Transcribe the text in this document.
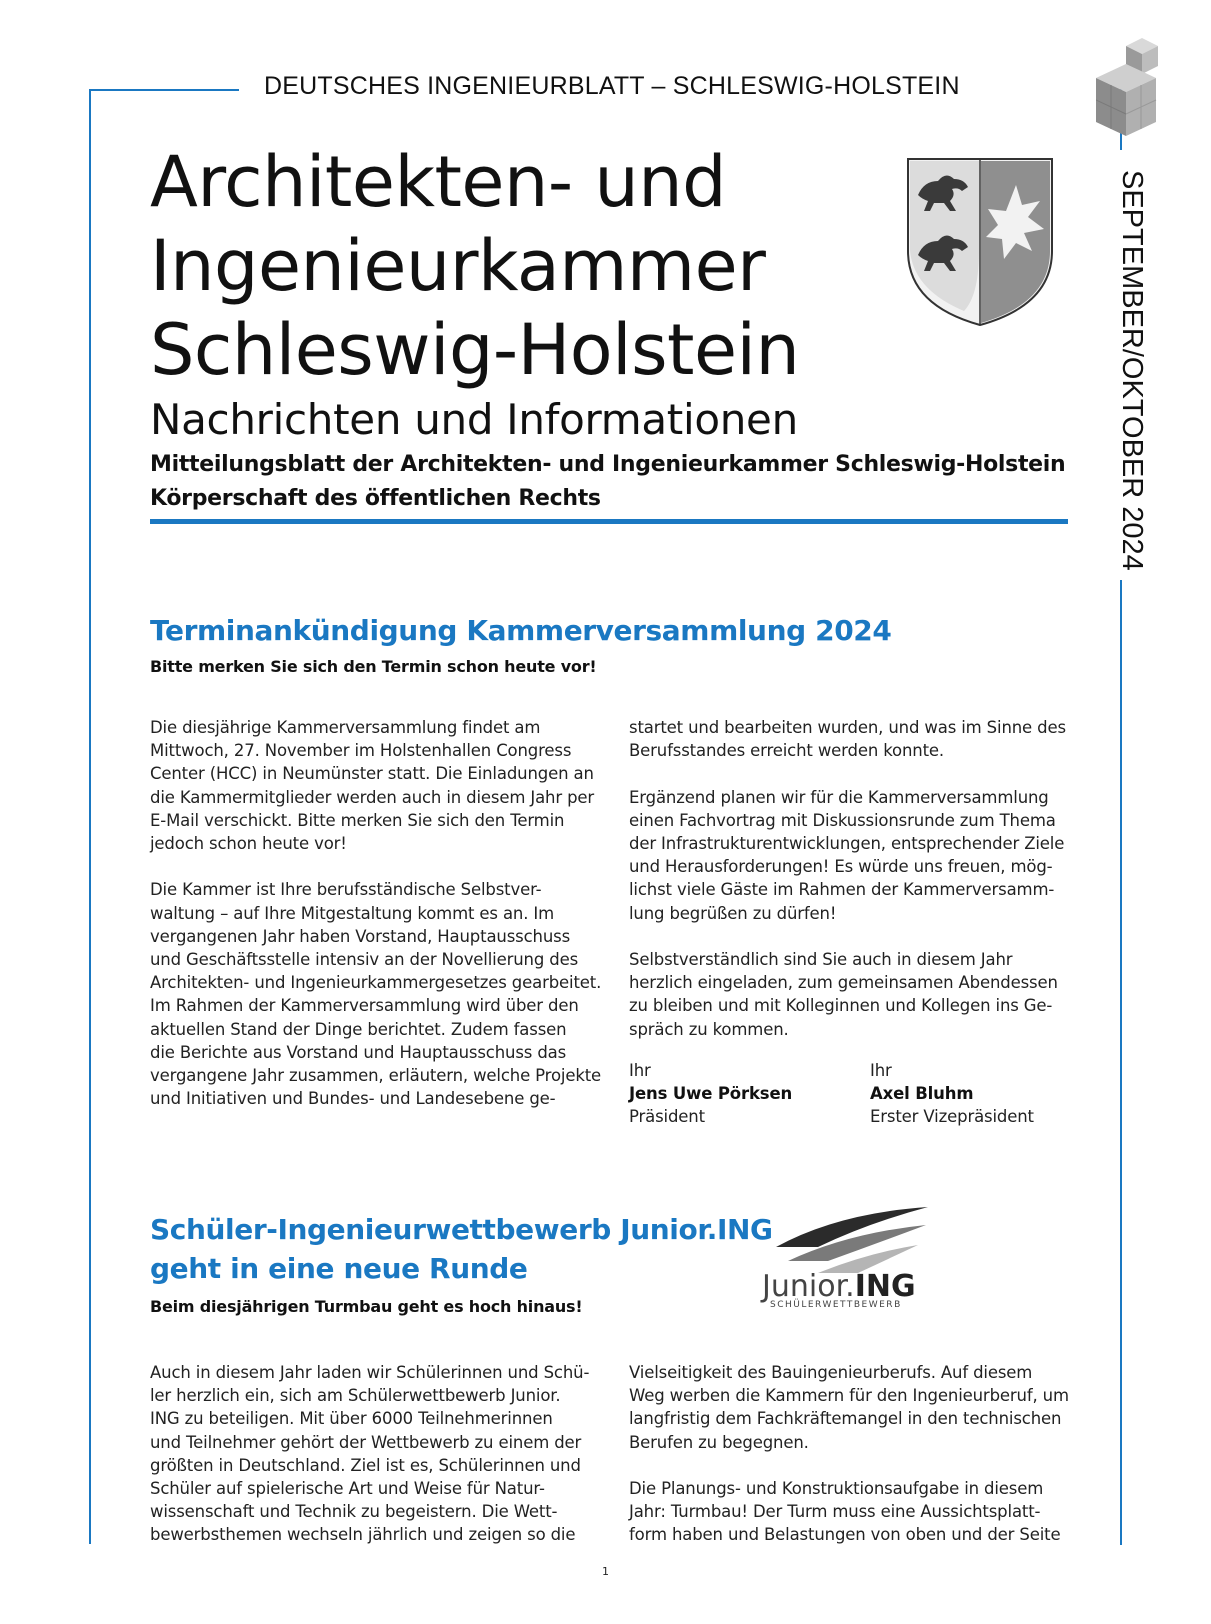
DEUTSCHES INGENIEURBLATT – SCHLESWIG-HOLSTEIN
SEPTEMBER/OKTOBER 2024
Architekten- und
Ingenieurkammer
Schleswig-Holstein
Nachrichten und Informationen
Mitteilungsblatt der Architekten- und Ingenieurkammer Schleswig-Holstein
Körperschaft des öffentlichen Rechts
Terminankündigung Kammerversammlung 2024
Bitte merken Sie sich den Termin schon heute vor!

Die diesjährige Kammerversammlung findet am
Mittwoch, 27. November im Holstenhallen Congress
Center (HCC) in Neumünster statt. Die Einladungen an
die Kammermitglieder werden auch in diesem Jahr per
E-Mail verschickt. Bitte merken Sie sich den Termin
jedoch schon heute vor!

Die Kammer ist Ihre berufsständische Selbstver-
waltung – auf Ihre Mitgestaltung kommt es an. Im
vergangenen Jahr haben Vorstand, Hauptausschuss
und Geschäftsstelle intensiv an der Novellierung des
Architekten- und Ingenieurkammergesetzes gearbeitet.
Im Rahmen der Kammerversammlung wird über den
aktuellen Stand der Dinge berichtet. Zudem fassen
die Berichte aus Vorstand und Hauptausschuss das
vergangene Jahr zusammen, erläutern, welche Projekte
und Initiativen und Bundes- und Landesebene ge-

startet und bearbeiten wurden, und was im Sinne des
Berufsstandes erreicht werden konnte.

Ergänzend planen wir für die Kammerversammlung
einen Fachvortrag mit Diskussionsrunde zum Thema
der Infrastrukturentwicklungen, entsprechender Ziele
und Herausforderungen! Es würde uns freuen, mög-
lichst viele Gäste im Rahmen der Kammerversamm-
lung begrüßen zu dürfen!

Selbstverständlich sind Sie auch in diesem Jahr
herzlich eingeladen, zum gemeinsamen Abendessen
zu bleiben und mit Kolleginnen und Kollegen ins Ge-
spräch zu kommen.

Ihr
Jens Uwe Pörksen
Präsident
Ihr
Axel Bluhm
Erster Vizepräsident
Schüler-Ingenieurwettbewerb Junior.ING
geht in eine neue Runde
Beim diesjährigen Turmbau geht es hoch hinaus!
Junior.ING
SCHÜLERWETTBEWERB

Auch in diesem Jahr laden wir Schülerinnen und Schü-
ler herzlich ein, sich am Schülerwettbewerb Junior.
ING zu beteiligen. Mit über 6000 Teilnehmerinnen
und Teilnehmer gehört der Wettbewerb zu einem der
größten in Deutschland. Ziel ist es, Schülerinnen und
Schüler auf spielerische Art und Weise für Natur-
wissenschaft und Technik zu begeistern. Die Wett-
bewerbsthemen wechseln jährlich und zeigen so die

Vielseitigkeit des Bauingenieurberufs. Auf diesem
Weg werben die Kammern für den Ingenieurberuf, um
langfristig dem Fachkräftemangel in den technischen
Berufen zu begegnen.

Die Planungs- und Konstruktionsaufgabe in diesem
Jahr: Turmbau! Der Turm muss eine Aussichtsplatt-
form haben und Belastungen von oben und der Seite

1
